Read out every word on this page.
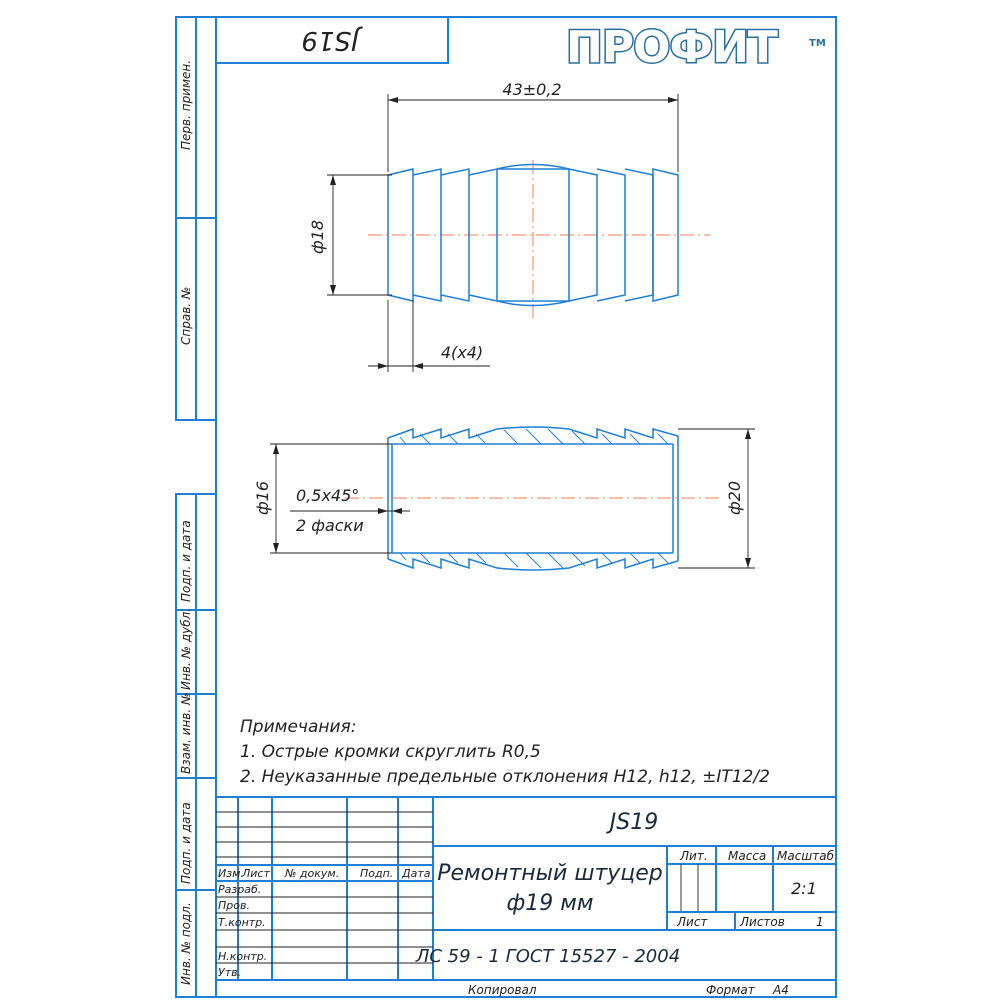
JS19	ПРОФИТ	ТМ
Перв. примен.
Справ. №
Подп. и дата
Инв. № дубл.
Взам. инв. №
Подп. и дата
Инв. № подл.
43±0,2
ф18
4(x4)
ф16 0,5x45°
2 фаски
ф20
Примечания:
1. Острые кромки скруглить R0,5
2. Неуказанные предельные отклонения H12, h12, ±IT12/2
JS19
Ремонтный штуцер
ф19 мм
ЛС 59 - 1 ГОСТ 15527 - 2004
Изм.
Лист № докум. Подп. Дата
Разраб.
Пров.
Т.контр.
Н.контр.
Утв.
Лит. Масса Масштаб
2:1
Лист	Листов	1
Копировал	Формат A4
